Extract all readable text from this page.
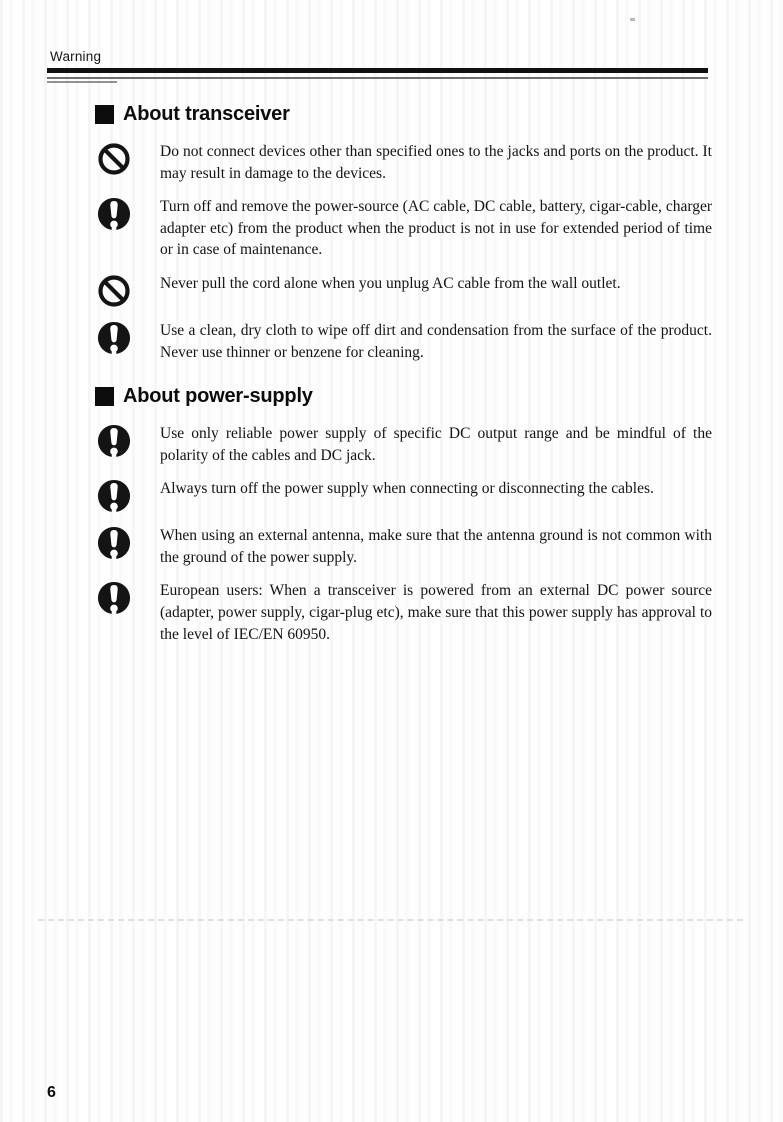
Warning
About transceiver

Do not connect devices other than specified ones to the jacks and ports on the product. It may result in damage to the devices.

Turn off and remove the power-source (AC cable, DC cable, battery, cigar-cable, charger adapter etc) from the product when the product is not in use for extended period of time or in case of maintenance.

Never pull the cord alone when you unplug AC cable from the wall outlet.

Use a clean, dry cloth to wipe off dirt and condensation from the surface of the product. Never use thinner or benzene for cleaning.

About power-supply

Use only reliable power supply of specific DC output range and be mindful of the polarity of the cables and DC jack.

Always turn off the power supply when connecting or disconnecting the cables.

When using an external antenna, make sure that the antenna ground is not common with the ground of the power supply.

European users: When a transceiver is powered from an external DC power source (adapter, power supply, cigar-plug etc), make sure that this power supply has approval to the level of IEC/EN 60950.

6
